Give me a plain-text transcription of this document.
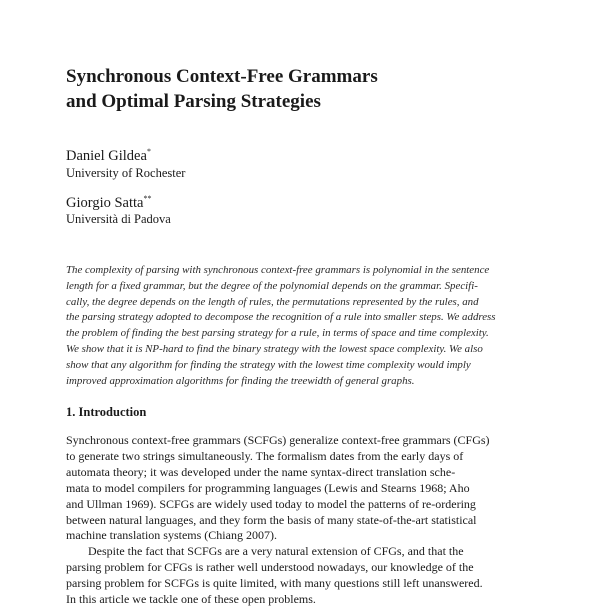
Synchronous Context-Free Grammars
and Optimal Parsing Strategies
Daniel Gildea*
University of Rochester
Giorgio Satta**
Università di Padova
The complexity of parsing with synchronous context-free grammars is polynomial in the sentence
length for a fixed grammar, but the degree of the polynomial depends on the grammar. Specifi-
cally, the degree depends on the length of rules, the permutations represented by the rules, and
the parsing strategy adopted to decompose the recognition of a rule into smaller steps. We address
the problem of finding the best parsing strategy for a rule, in terms of space and time complexity.
We show that it is NP-hard to find the binary strategy with the lowest space complexity. We also
show that any algorithm for finding the strategy with the lowest time complexity would imply
improved approximation algorithms for finding the treewidth of general graphs.
1. Introduction
Synchronous context-free grammars (SCFGs) generalize context-free grammars (CFGs)
to generate two strings simultaneously. The formalism dates from the early days of
automata theory; it was developed under the name syntax-direct translation sche-
mata to model compilers for programming languages (Lewis and Stearns 1968; Aho
and Ullman 1969). SCFGs are widely used today to model the patterns of re-ordering
between natural languages, and they form the basis of many state-of-the-art statistical
machine translation systems (Chiang 2007).
Despite the fact that SCFGs are a very natural extension of CFGs, and that the
parsing problem for CFGs is rather well understood nowadays, our knowledge of the
parsing problem for SCFGs is quite limited, with many questions still left unanswered.
In this article we tackle one of these open problems.
